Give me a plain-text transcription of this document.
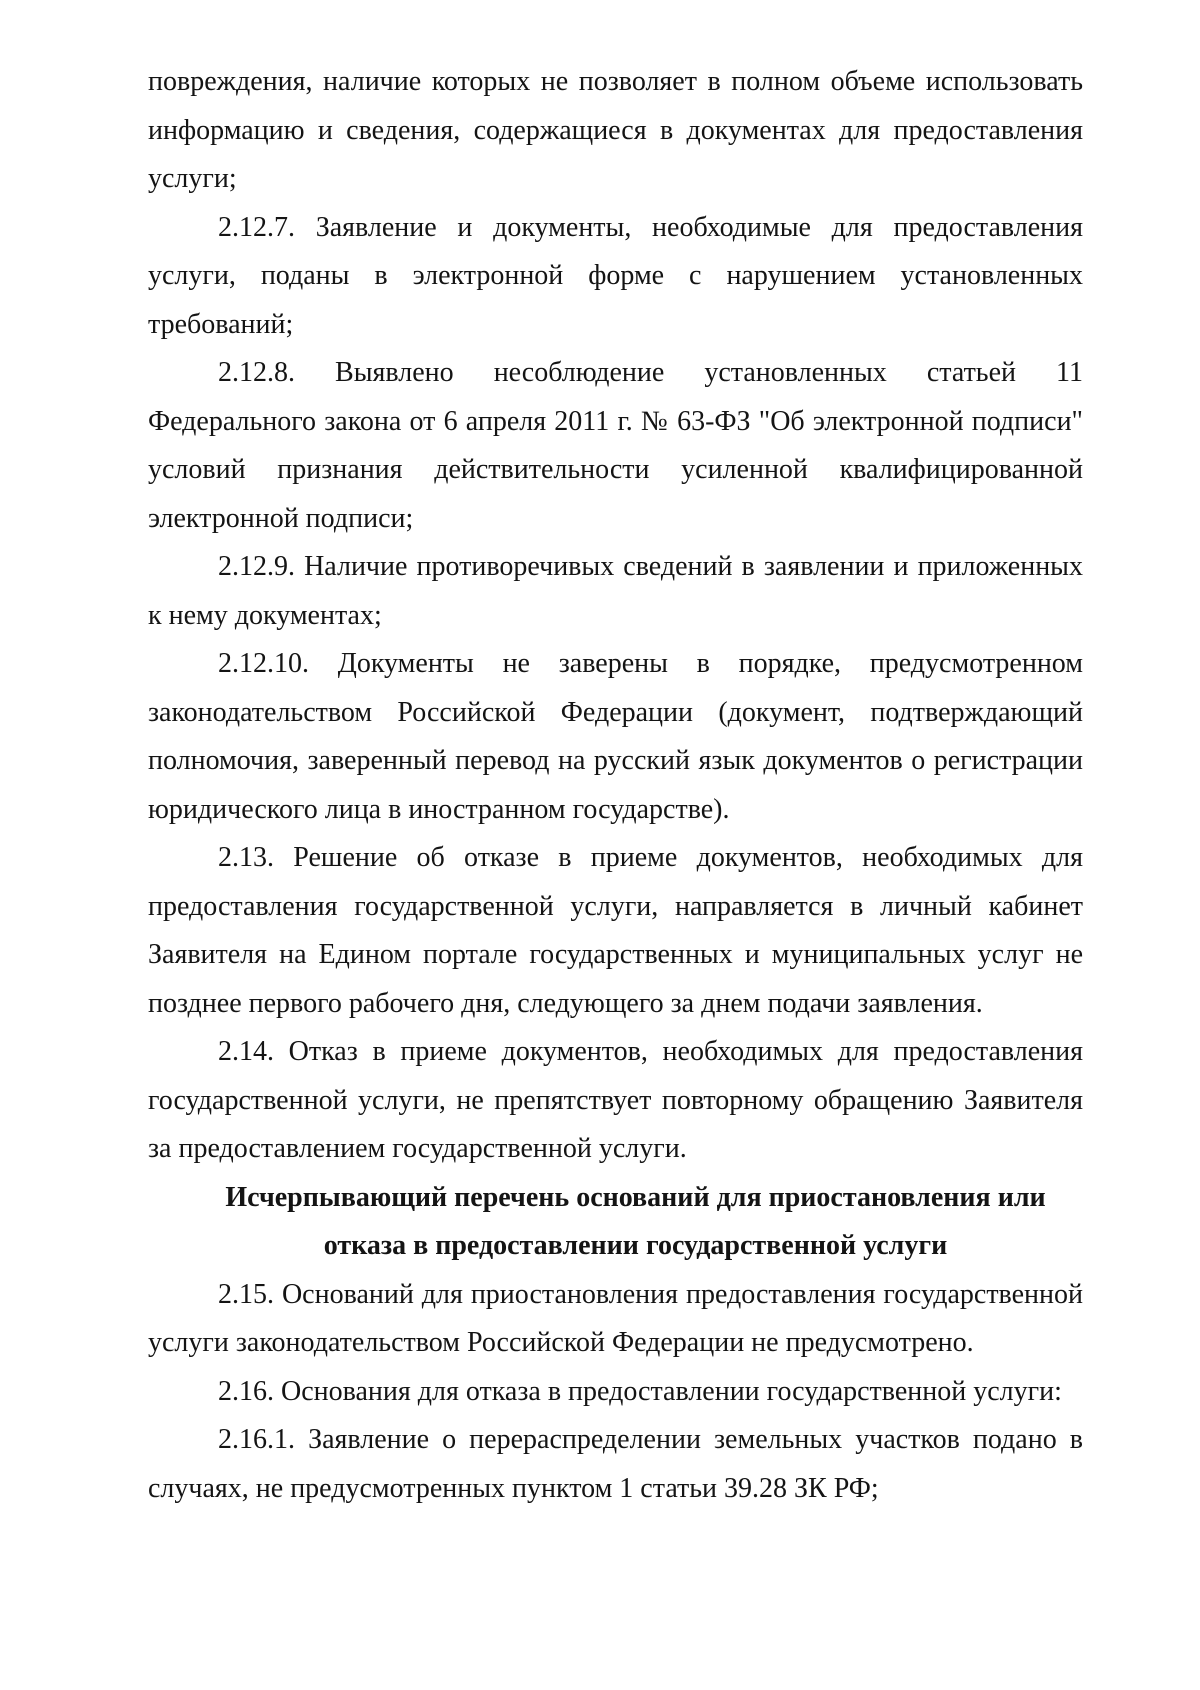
повреждения, наличие которых не позволяет в полном объеме использовать информацию и сведения, содержащиеся в документах для предоставления услуги;

2.12.7. Заявление и документы, необходимые для предоставления услуги, поданы в электронной форме с нарушением установленных требований;

2.12.8. Выявлено несоблюдение установленных статьей 11 Федерального закона от 6 апреля 2011 г. № 63-ФЗ "Об электронной подписи" условий признания действительности усиленной квалифицированной электронной подписи;

2.12.9. Наличие противоречивых сведений в заявлении и приложенных к нему документах;

2.12.10. Документы не заверены в порядке, предусмотренном законодательством Российской Федерации (документ, подтверждающий полномочия, заверенный перевод на русский язык документов о регистрации юридического лица в иностранном государстве).

2.13. Решение об отказе в приеме документов, необходимых для предоставления государственной услуги, направляется в личный кабинет Заявителя на Едином портале государственных и муниципальных услуг не позднее первого рабочего дня, следующего за днем подачи заявления.

2.14. Отказ в приеме документов, необходимых для предоставления государственной услуги, не препятствует повторному обращению Заявителя за предоставлением государственной услуги.

Исчерпывающий перечень оснований для приостановления или
отказа в предоставлении государственной услуги

2.15. Оснований для приостановления предоставления государственной услуги законодательством Российской Федерации не предусмотрено.

2.16. Основания для отказа в предоставлении государственной услуги:

2.16.1. Заявление о перераспределении земельных участков подано в случаях, не предусмотренных пунктом 1 статьи 39.28 ЗК РФ;
